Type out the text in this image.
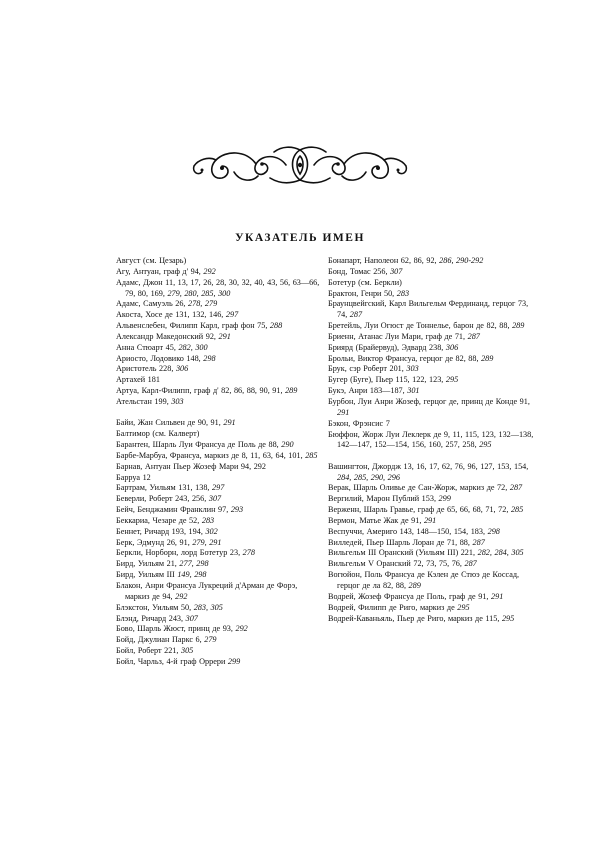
УКАЗАТЕЛЬ ИМЕН
Август (см. Цезарь)
Агу, Антуан, граф д' 94, 292
Адамс, Джон 11, 13, 17, 26, 28, 30, 32, 40, 43, 56, 63—66, 79, 80, 169, 279, 280, 285, 300
Адамс, Самуэль 26, 278, 279
Акоста, Хосе де 131, 132, 146, 297
Альвенслебен, Филипп Карл, граф фон 75, 288
Александр Македонский 92, 291
Анна Стюарт 45, 282, 300
Ариосто, Лодовико 148, 298
Аристотель 228, 306
Артахей 181
Артуа, Карл-Филипп, граф д' 82, 86, 88, 90, 91, 289
Ательстан 199, 303
Байи, Жан Сильвен де 90, 91, 291
Балтимор (см. Калверт)
Барантен, Шарль Луи Франсуа де Поль де 88, 290
Барбе-Марбуа, Франсуа, маркиз де 8, 11, 63, 64, 101, 285
Барнав, Антуан Пьер Жозеф Мари 94, 292
Барруа 12
Бартрам, Уильям 131, 138, 297
Беверли, Роберт 243, 256, 307
Бейч, Бенджамин Франклин 97, 293
Беккариа, Чезаре де 52, 283
Беннет, Ричард 193, 194, 302
Берк, Эдмунд 26, 91, 279, 291
Беркли, Норборн, лорд Ботетур 23, 278
Бирд, Уильям 21, 277, 298
Бирд, Уильям III 149, 298
Блакон, Анри Франсуа Лукреций д'Арман де Форэ, маркиз де 94, 292
Блэкстон, Уильям 50, 283, 305
Блэнд, Ричард 243, 307
Бово, Шарль Жюст, принц де 93, 292
Бойд, Джулиан Паркс 6, 279
Бойл, Роберт 221, 305
Бойл, Чарльз, 4-й граф Оррери 299
Бонапарт, Наполеон 62, 86, 92, 286, 290-292
Бонд, Томас 256, 307
Ботетур (см. Беркли)
Брактон, Генри 50, 283
Браунцвейгский, Карл Вильгельм Фердинанд, герцог 73, 74, 287
Бретейль, Луи Огюст де Тоннелье, барон де 82, 88, 289
Бриенн, Атанас Луи Мари, граф де 71, 287
Бриярд (Брайервуд), Эдвард 238, 306
Брольи, Виктор Франсуа, герцог де 82, 88, 289
Брук, сэр Роберт 201, 303
Бугер (Буге), Пьер 115, 122, 123, 295
Букэ, Анри 183—187, 301
Бурбон, Луи Анри Жозеф, герцог де, принц де Конде 91, 291
Бэкон, Фрэнсис 7
Бюффон, Жорж Луи Леклерк де 9, 11, 115, 123, 132—138, 142—147, 152—154, 156, 160, 257, 258, 295
Вашингтон, Джордж 13, 16, 17, 62, 76, 96, 127, 153, 154, 284, 285, 290, 296
Верак, Шарль Оливье де Сан-Жорж, маркиз де 72, 287
Вергилий, Марон Публий 153, 299
Верженн, Шарль Гравье, граф де 65, 66, 68, 71, 72, 285
Вермон, Матье Жак де 91, 291
Веспуччи, Америго 143, 148—150, 154, 183, 298
Вилледей, Пьер Шарль Лоран де 71, 88, 287
Вильгельм III Оранский (Уильям III) 221, 282, 284, 305
Вильгельм V Оранский 72, 73, 75, 76, 287
Вогюйон, Поль Франсуа де Кэлен де Стюэ де Коссад, герцог де ла 82, 88, 289
Водрей, Жозеф Франсуа де Поль, граф де 91, 291
Водрей, Филипп де Риго, маркиз де 295
Водрей-Каваньяль, Пьер де Риго, маркиз де 115, 295
